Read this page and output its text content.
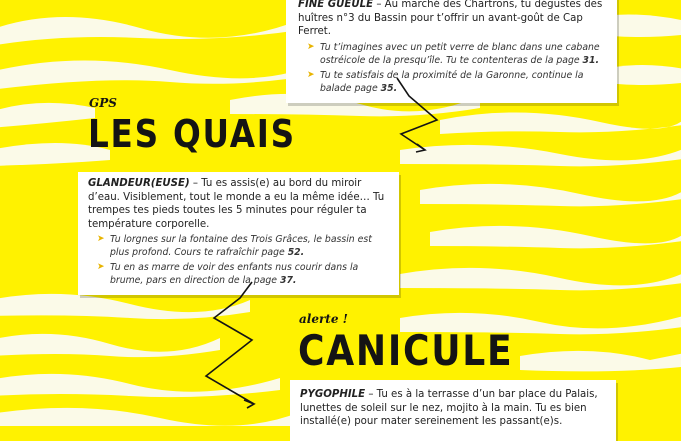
FINE GUEULE – Au marché des Chartrons, tu dégustes des huîtres n°3 du Bassin pour t’offrir un avant-goût de Cap Ferret.

➤ Tu t’imagines avec un petit verre de blanc dans une cabane ostréicole de la presqu’île. Tu te contenteras de la page 31.
➤ Tu te satisfais de la proximité de la Garonne, continue la balade page 35.
GPS
LES QUAIS

GLANDEUR(EUSE) – Tu es assis(e) au bord du miroir d’eau. Visiblement, tout le monde a eu la même idée… Tu trempes tes pieds toutes les 5 minutes pour réguler ta température corporelle.

➤ Tu lorgnes sur la fontaine des Trois Grâces, le bassin est plus profond. Cours te rafraîchir page 52.
➤ Tu en as marre de voir des enfants nus courir dans la brume, pars en direction de la page 37.
alerte !
CANICULE

PYGOPHILE – Tu es à la terrasse d’un bar place du Palais, lunettes de soleil sur le nez, mojito à la main. Tu es bien installé(e) pour mater sereinement les passant(e)s.
